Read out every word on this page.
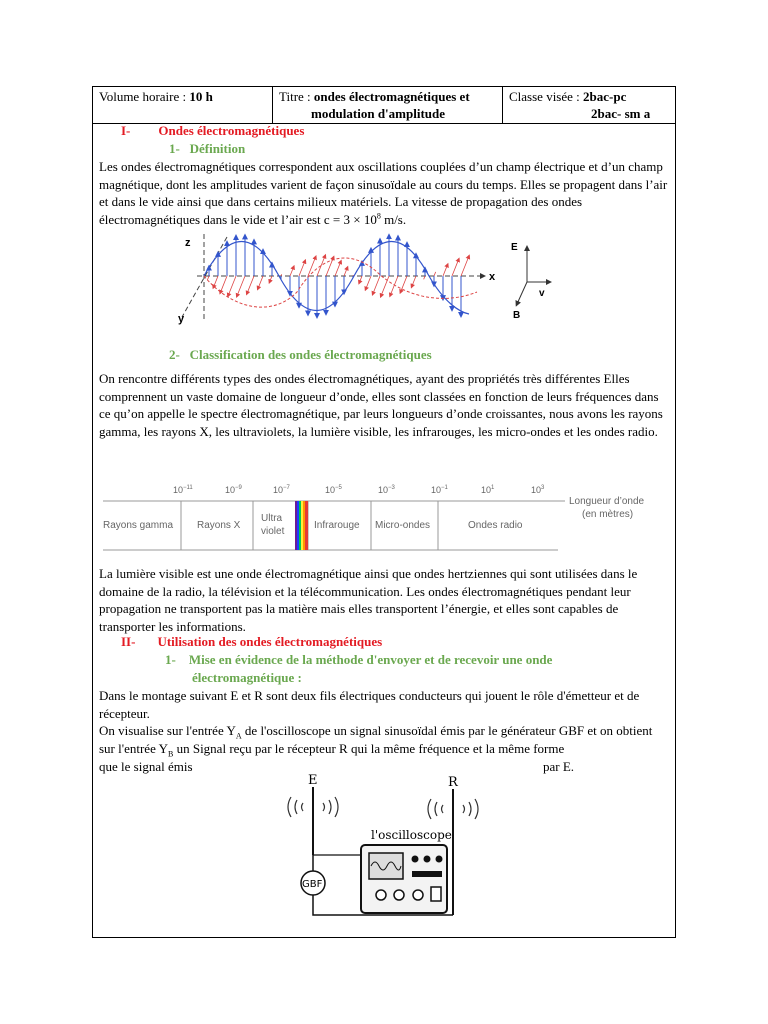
Volume horaire : 10 h	Titre : ondes électromagnétiques et
modulation d'amplitude
Classe visée : 2bac-pc
2bac- sm a
I- Ondes électromagnétiques
1- Définition
Les ondes électromagnétiques correspondent aux oscillations couplées d’un champ électrique et d’un champ magnétique, dont les amplitudes varient de façon sinusoïdale au cours du temps. Elles se propagent dans l’air et dans le vide ainsi que dans certains milieux matériels. La vitesse de propagation des ondes électromagnétiques dans le vide et l’air est $c = 3 \times 10^8$ m/s.
z
y
x
E
v
B
2- Classification des ondes électromagnétiques
On rencontre différents types des ondes électromagnétiques, ayant des propriétés très différentes Elles comprennent un vaste domaine de longueur d’onde, elles sont classées en fonction de leurs fréquences dans ce qu’on appelle le spectre électromagnétique, par leurs longueurs d’onde croissantes, nous avons les rayons gamma, les rayons X, les ultraviolets, la lumière visible, les infrarouges, les micro-ondes et les ondes radio.
$10^{-11}$	$10^{-9}$	$10^{-7}$	$10^{-5}$	$10^{-3}$	$10^{-1}$	$10^1$	$10^3$
Rayons gamma Rayons X
Ultra
violet
Infrarouge Micro-ondes	Ondes radio
Longueur d’onde
(en mètres)
La lumière visible est une onde électromagnétique ainsi que ondes hertziennes qui sont utilisées dans le domaine de la radio, la télévision et la télécommunication. Les ondes électromagnétiques pendant leur propagation ne transportent pas la matière mais elles transportent l’énergie, et elles sont capables de transporter les informations.
II- Utilisation des ondes électromagnétiques
1- Mise en évidence de la méthode d'envoyer et de recevoir une onde
électromagnétique :
Dans le montage suivant E et R sont deux fils électriques conducteurs qui jouent le rôle d'émetteur et de récepteur.
On visualise sur l'entrée $Y_A$ de l'oscilloscope un signal sinusoïdal émis par le générateur GBF et on obtient sur l'entrée $Y_B$ un Signal reçu par le récepteur R qui la même fréquence et la même forme
que le signal émis	par E.
E	R
GBF
l'oscilloscope
